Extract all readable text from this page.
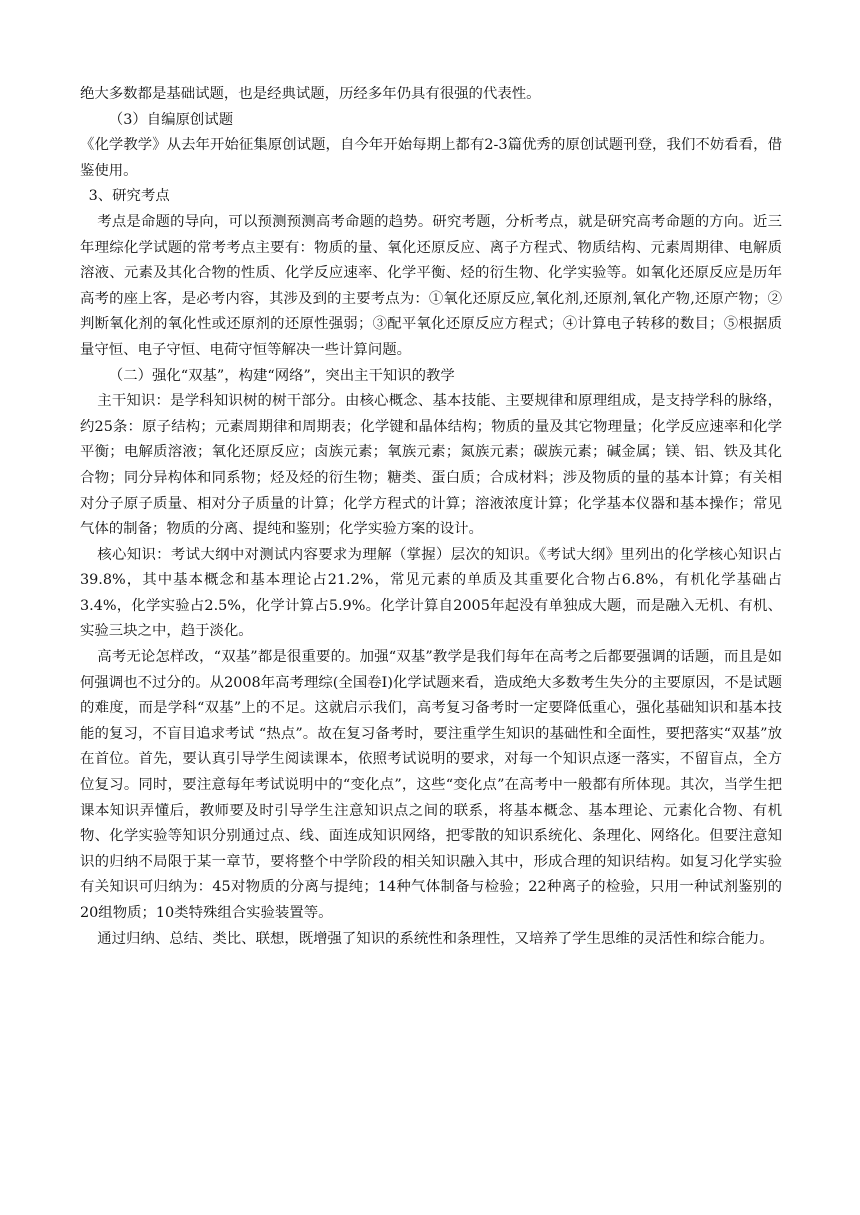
绝大多数都是基础试题，也是经典试题，历经多年仍具有很强的代表性。

（3）自编原创试题

《化学教学》从去年开始征集原创试题，自今年开始每期上都有2-3篇优秀的原创试题刊登，我们不妨看看，借鉴使用。

3、研究考点

考点是命题的导向，可以预测预测高考命题的趋势。研究考题，分析考点，就是研究高考命题的方向。近三年理综化学试题的常考考点主要有：物质的量、氧化还原反应、离子方程式、物质结构、元素周期律、电解质溶液、元素及其化合物的性质、化学反应速率、化学平衡、烃的衍生物、化学实验等。如氧化还原反应是历年高考的座上客，是必考内容，其涉及到的主要考点为：①氧化还原反应,氧化剂,还原剂,氧化产物,还原产物；②判断氧化剂的氧化性或还原剂的还原性强弱；③配平氧化还原反应方程式；④计算电子转移的数目；⑤根据质量守恒、电子守恒、电荷守恒等解决一些计算问题。

（二）强化“双基”，构建“网络”，突出主干知识的教学

主干知识：是学科知识树的树干部分。由核心概念、基本技能、主要规律和原理组成，是支持学科的脉络，约25条：原子结构；元素周期律和周期表；化学键和晶体结构；物质的量及其它物理量；化学反应速率和化学平衡；电解质溶液；氧化还原反应；卤族元素；氧族元素；氮族元素；碳族元素；碱金属；镁、铝、铁及其化合物；同分异构体和同系物；烃及烃的衍生物；糖类、蛋白质；合成材料；涉及物质的量的基本计算；有关相对分子原子质量、相对分子质量的计算；化学方程式的计算；溶液浓度计算；化学基本仪器和基本操作；常见气体的制备；物质的分离、提纯和鉴别；化学实验方案的设计。

核心知识：考试大纲中对测试内容要求为理解（掌握）层次的知识。《考试大纲》里列出的化学核心知识占39.8%，其中基本概念和基本理论占21.2%，常见元素的单质及其重要化合物占6.8%，有机化学基础占3.4%，化学实验占2.5%，化学计算占5.9%。化学计算自2005年起没有单独成大题，而是融入无机、有机、实验三块之中，趋于淡化。

高考无论怎样改，“双基”都是很重要的。加强“双基”教学是我们每年在高考之后都要强调的话题，而且是如何强调也不过分的。从2008年高考理综(全国卷Ⅰ)化学试题来看，造成绝大多数考生失分的主要原因，不是试题的难度，而是学科“双基”上的不足。这就启示我们，高考复习备考时一定要降低重心，强化基础知识和基本技能的复习，不盲目追求考试 “热点”。故在复习备考时，要注重学生知识的基础性和全面性，要把落实“双基”放在首位。首先，要认真引导学生阅读课本，依照考试说明的要求，对每一个知识点逐一落实，不留盲点，全方位复习。同时，要注意每年考试说明中的“变化点”，这些“变化点”在高考中一般都有所体现。其次，当学生把课本知识弄懂后，教师要及时引导学生注意知识点之间的联系，将基本概念、基本理论、元素化合物、有机物、化学实验等知识分别通过点、线、面连成知识网络，把零散的知识系统化、条理化、网络化。但要注意知识的归纳不局限于某一章节，要将整个中学阶段的相关知识融入其中，形成合理的知识结构。如复习化学实验有关知识可归纳为：45对物质的分离与提纯；14种气体制备与检验；22种离子的检验，只用一种试剂鉴别的20组物质；10类特殊组合实验装置等。

通过归纳、总结、类比、联想，既增强了知识的系统性和条理性，又培养了学生思维的灵活性和综合能力。
